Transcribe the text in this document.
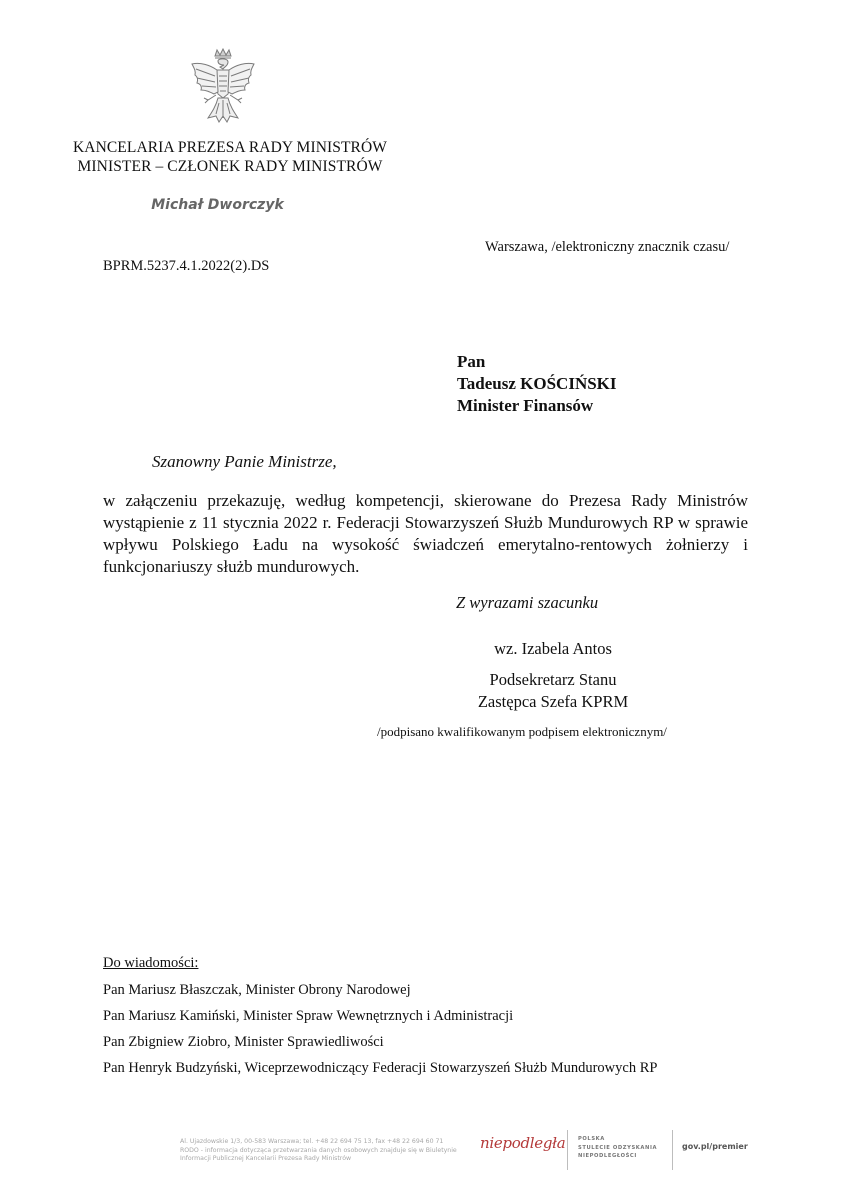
KANCELARIA PREZESA RADY MINISTRÓW
MINISTER – CZŁONEK RADY MINISTRÓW
Michał Dworczyk
Warszawa, /elektroniczny znacznik czasu/
BPRM.5237.4.1.2022(2).DS
Pan
Tadeusz KOŚCIŃSKI
Minister Finansów
Szanowny Panie Ministrze,
w załączeniu przekazuję, według kompetencji, skierowane do Prezesa Rady Ministrów wystąpienie z 11 stycznia 2022 r. Federacji Stowarzyszeń Służb Mundurowych RP w sprawie wpływu Polskiego Ładu na wysokość świadczeń emerytalno-rentowych żołnierzy i funkcjonariuszy służb mundurowych.
Z wyrazami szacunku
wz. Izabela Antos
Podsekretarz Stanu
Zastępca Szefa KPRM
/podpisano kwalifikowanym podpisem elektronicznym/
Do wiadomości:
Pan Mariusz Błaszczak, Minister Obrony Narodowej
Pan Mariusz Kamiński, Minister Spraw Wewnętrznych i Administracji
Pan Zbigniew Ziobro, Minister Sprawiedliwości
Pan Henryk Budzyński, Wiceprzewodniczący Federacji Stowarzyszeń Służb Mundurowych RP
Al. Ujazdowskie 1/3, 00-583 Warszawa; tel. +48 22 694 75 13, fax +48 22 694 60 71
RODO - informacja dotycząca przetwarzania danych osobowych znajduje się w Biuletynie
Informacji Publicznej Kancelarii Prezesa Rady Ministrów
niepodległa POLSKA
STULECIE ODZYSKANIA
NIEPODLEGŁOŚCI
gov.pl/premier
